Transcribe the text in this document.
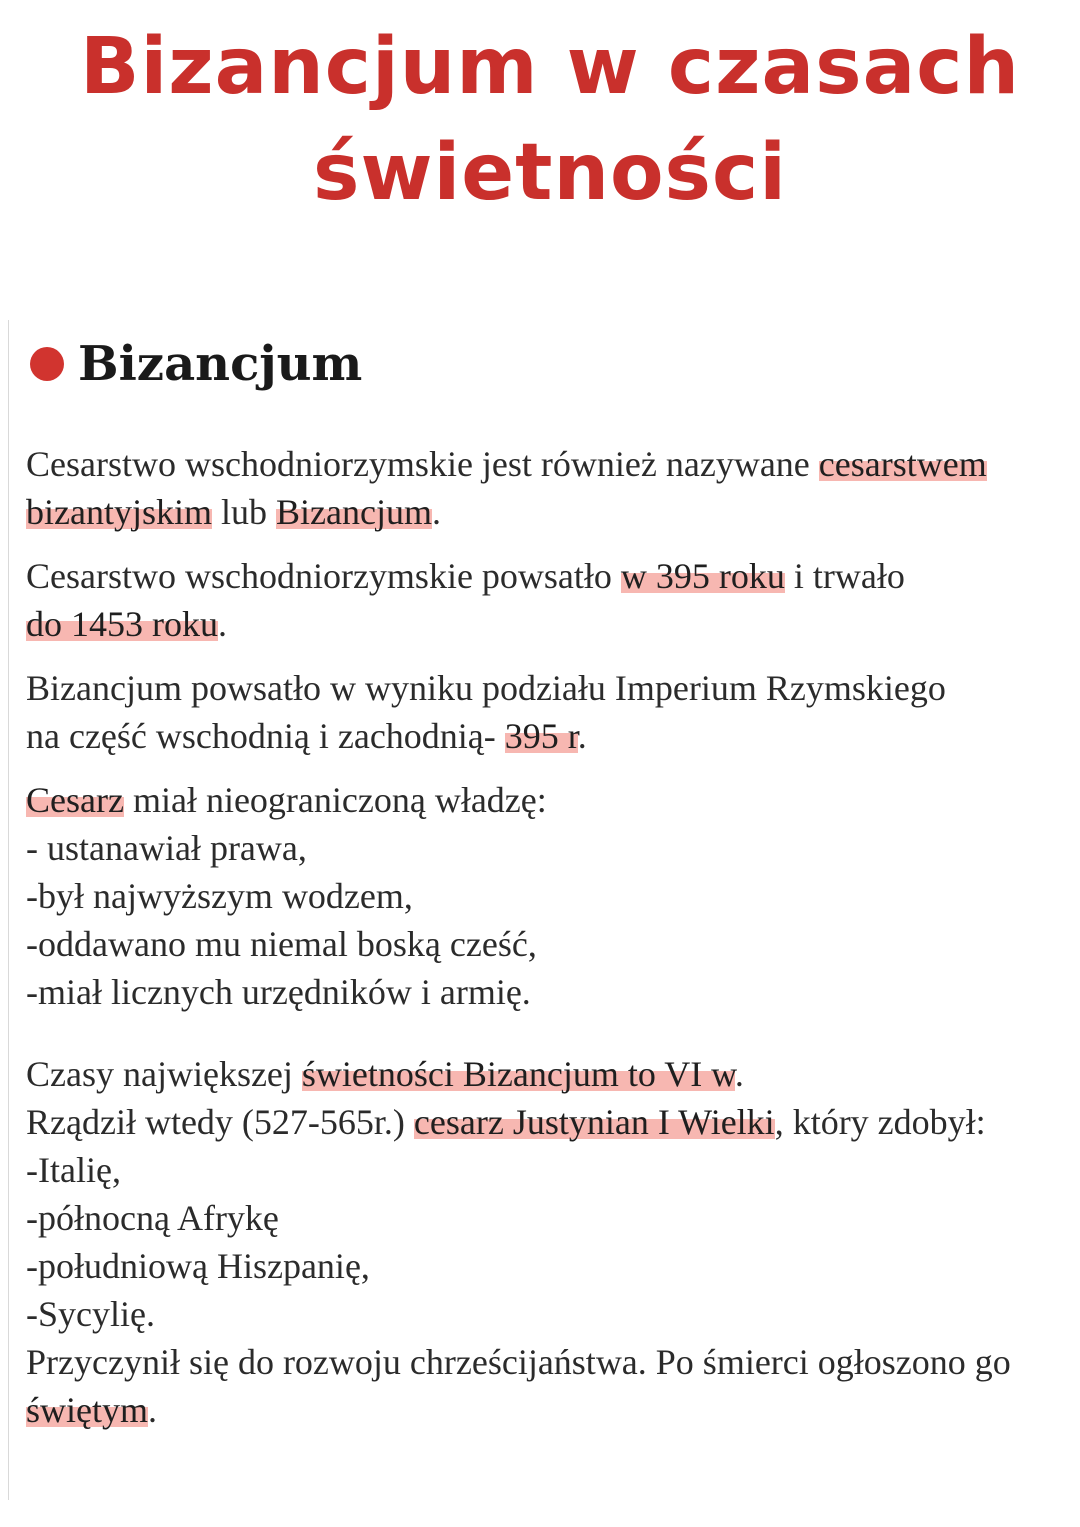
Bizancjum w czasach
świetności
Bizancjum
Cesarstwo wschodniorzymskie jest również nazywane cesarstwem
bizantyjskim lub Bizancjum.
Cesarstwo wschodniorzymskie powsatło w 395 roku i trwało
do 1453 roku.
Bizancjum powsatło w wyniku podziału Imperium Rzymskiego
na część wschodnią i zachodnią- 395 r.
Cesarz miał nieograniczoną władzę:
- ustanawiał prawa,
-był najwyższym wodzem,
-oddawano mu niemal boską cześć,
-miał licznych urzędników i armię.
Czasy największej świetności Bizancjum to VI w.
Rządził wtedy (527-565r.) cesarz Justynian I Wielki, który zdobył:
-Italię,
-północną Afrykę
-południową Hiszpanię,
-Sycylię.
Przyczynił się do rozwoju chrześcijaństwa. Po śmierci ogłoszono go
świętym.
